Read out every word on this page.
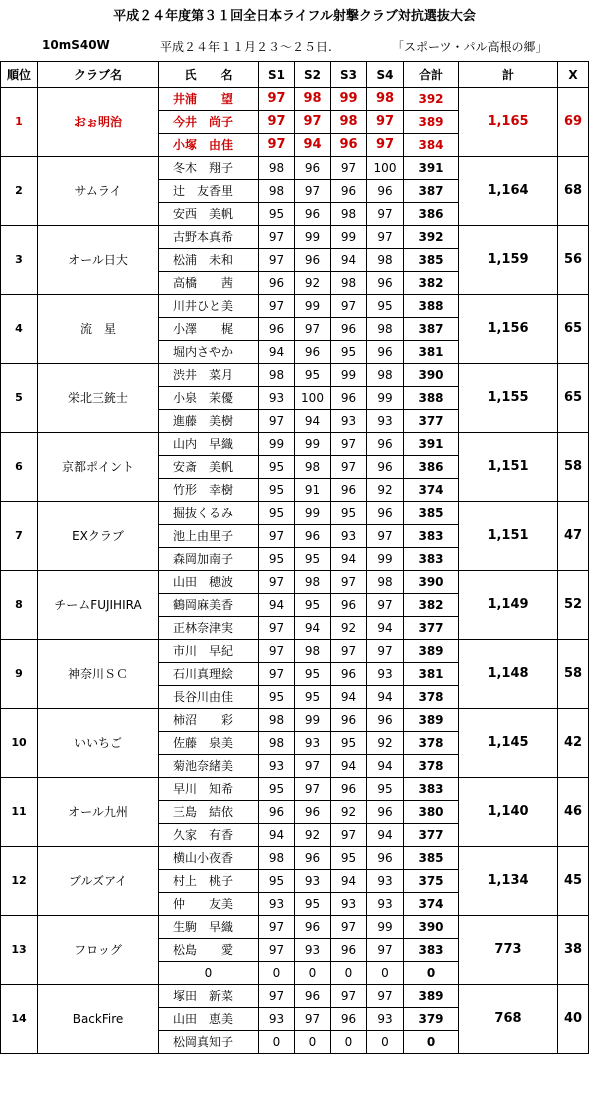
平成２４年度第３１回全日本ライフル射撃クラブ対抗選抜大会
10mS40W	平成２４年１１月２３～２５日.	「スポーツ・パル高根の郷」
順位	クラブ名	氏　　名	S1	S2	S3	S4	合計	計	X
1	おぉ明治	井浦　　望	97	98	99	98	392	1,165	69
		今井　尚子	97	97	98	97	389		
		小塚　由佳	97	94	96	97	384		
2	サムライ	冬木　翔子	98	96	97	100	391	1,164	68
		辻　友香里	98	97	96	96	387		
		安西　美帆	95	96	98	97	386		
3	オール日大	古野本真希	97	99	99	97	392	1,159	56
		松浦　未和	97	96	94	98	385		
		高橋　　茜	96	92	98	96	382		
4	流　星	川井ひと美	97	99	97	95	388	1,156	65
		小澤　　梶	96	97	96	98	387		
		堀内さやか	94	96	95	96	381		
5	栄北三銃士	渋井　菜月	98	95	99	98	390	1,155	65
		小泉　茉優	93	100	96	99	388		
		進藤　美樹	97	94	93	93	377		
6	京都ポイント	山内　早織	99	99	97	96	391	1,151	58
		安斎　美帆	95	98	97	96	386		
		竹形　幸樹	95	91	96	92	374		
7	EXクラブ	掘抜くるみ	95	99	95	96	385	1,151	47
		池上由里子	97	96	93	97	383		
		森岡加南子	95	95	94	99	383		
8	チームFUJIHIRA	山田　穂波	97	98	97	98	390	1,149	52
		鶴岡麻美香	94	95	96	97	382		
		正林奈津実	97	94	92	94	377		
9	神奈川ＳＣ	市川　早紀	97	98	97	97	389	1,148	58
		石川真理絵	97	95	96	93	381		
		長谷川由佳	95	95	94	94	378		
10	いいちご	柿沼　　彩	98	99	96	96	389	1,145	42
		佐藤　泉美	98	93	95	92	378		
		菊池奈緒美	93	97	94	94	378		
11	オール九州	早川　知希	95	97	96	95	383	1,140	46
		三島　結依	96	96	92	96	380		
		久家　有香	94	92	97	94	377		
12	ブルズアイ	横山小夜香	98	96	95	96	385	1,134	45
		村上　桃子	95	93	94	93	375		
		仲　　友美	93	95	93	93	374		
13	フロッグ	生駒　早織	97	96	97	99	390	773	38
		松島　　愛	97	93	96	97	383		
		0	0	0	0	0	0		
14	BackFire	塚田　新菜	97	96	97	97	389	768	40
		山田　恵美	93	97	96	93	379		
		松岡真知子	0	0	0	0	0		
